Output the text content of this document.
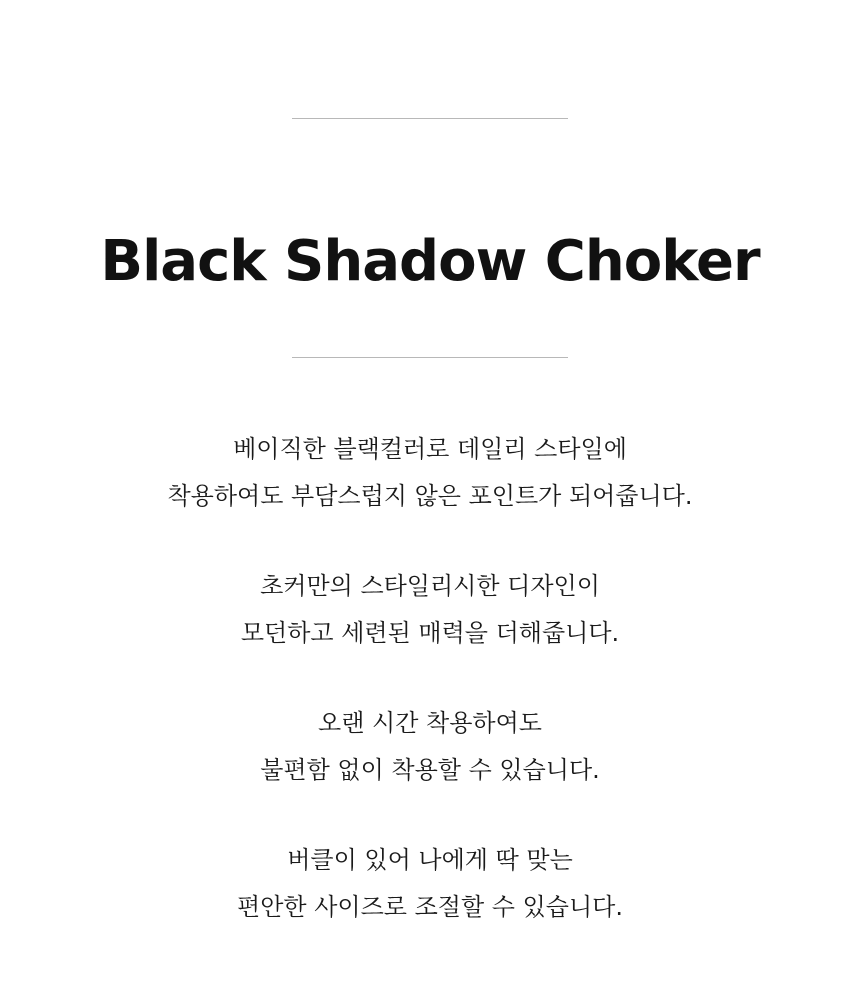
Black Shadow Choker

베이직한 블랙컬러로 데일리 스타일에
착용하여도 부담스럽지 않은 포인트가 되어줍니다.

초커만의 스타일리시한 디자인이
모던하고 세련된 매력을 더해줍니다.

오랜 시간 착용하여도
불편함 없이 착용할 수 있습니다.

버클이 있어 나에게 딱 맞는
편안한 사이즈로 조절할 수 있습니다.
